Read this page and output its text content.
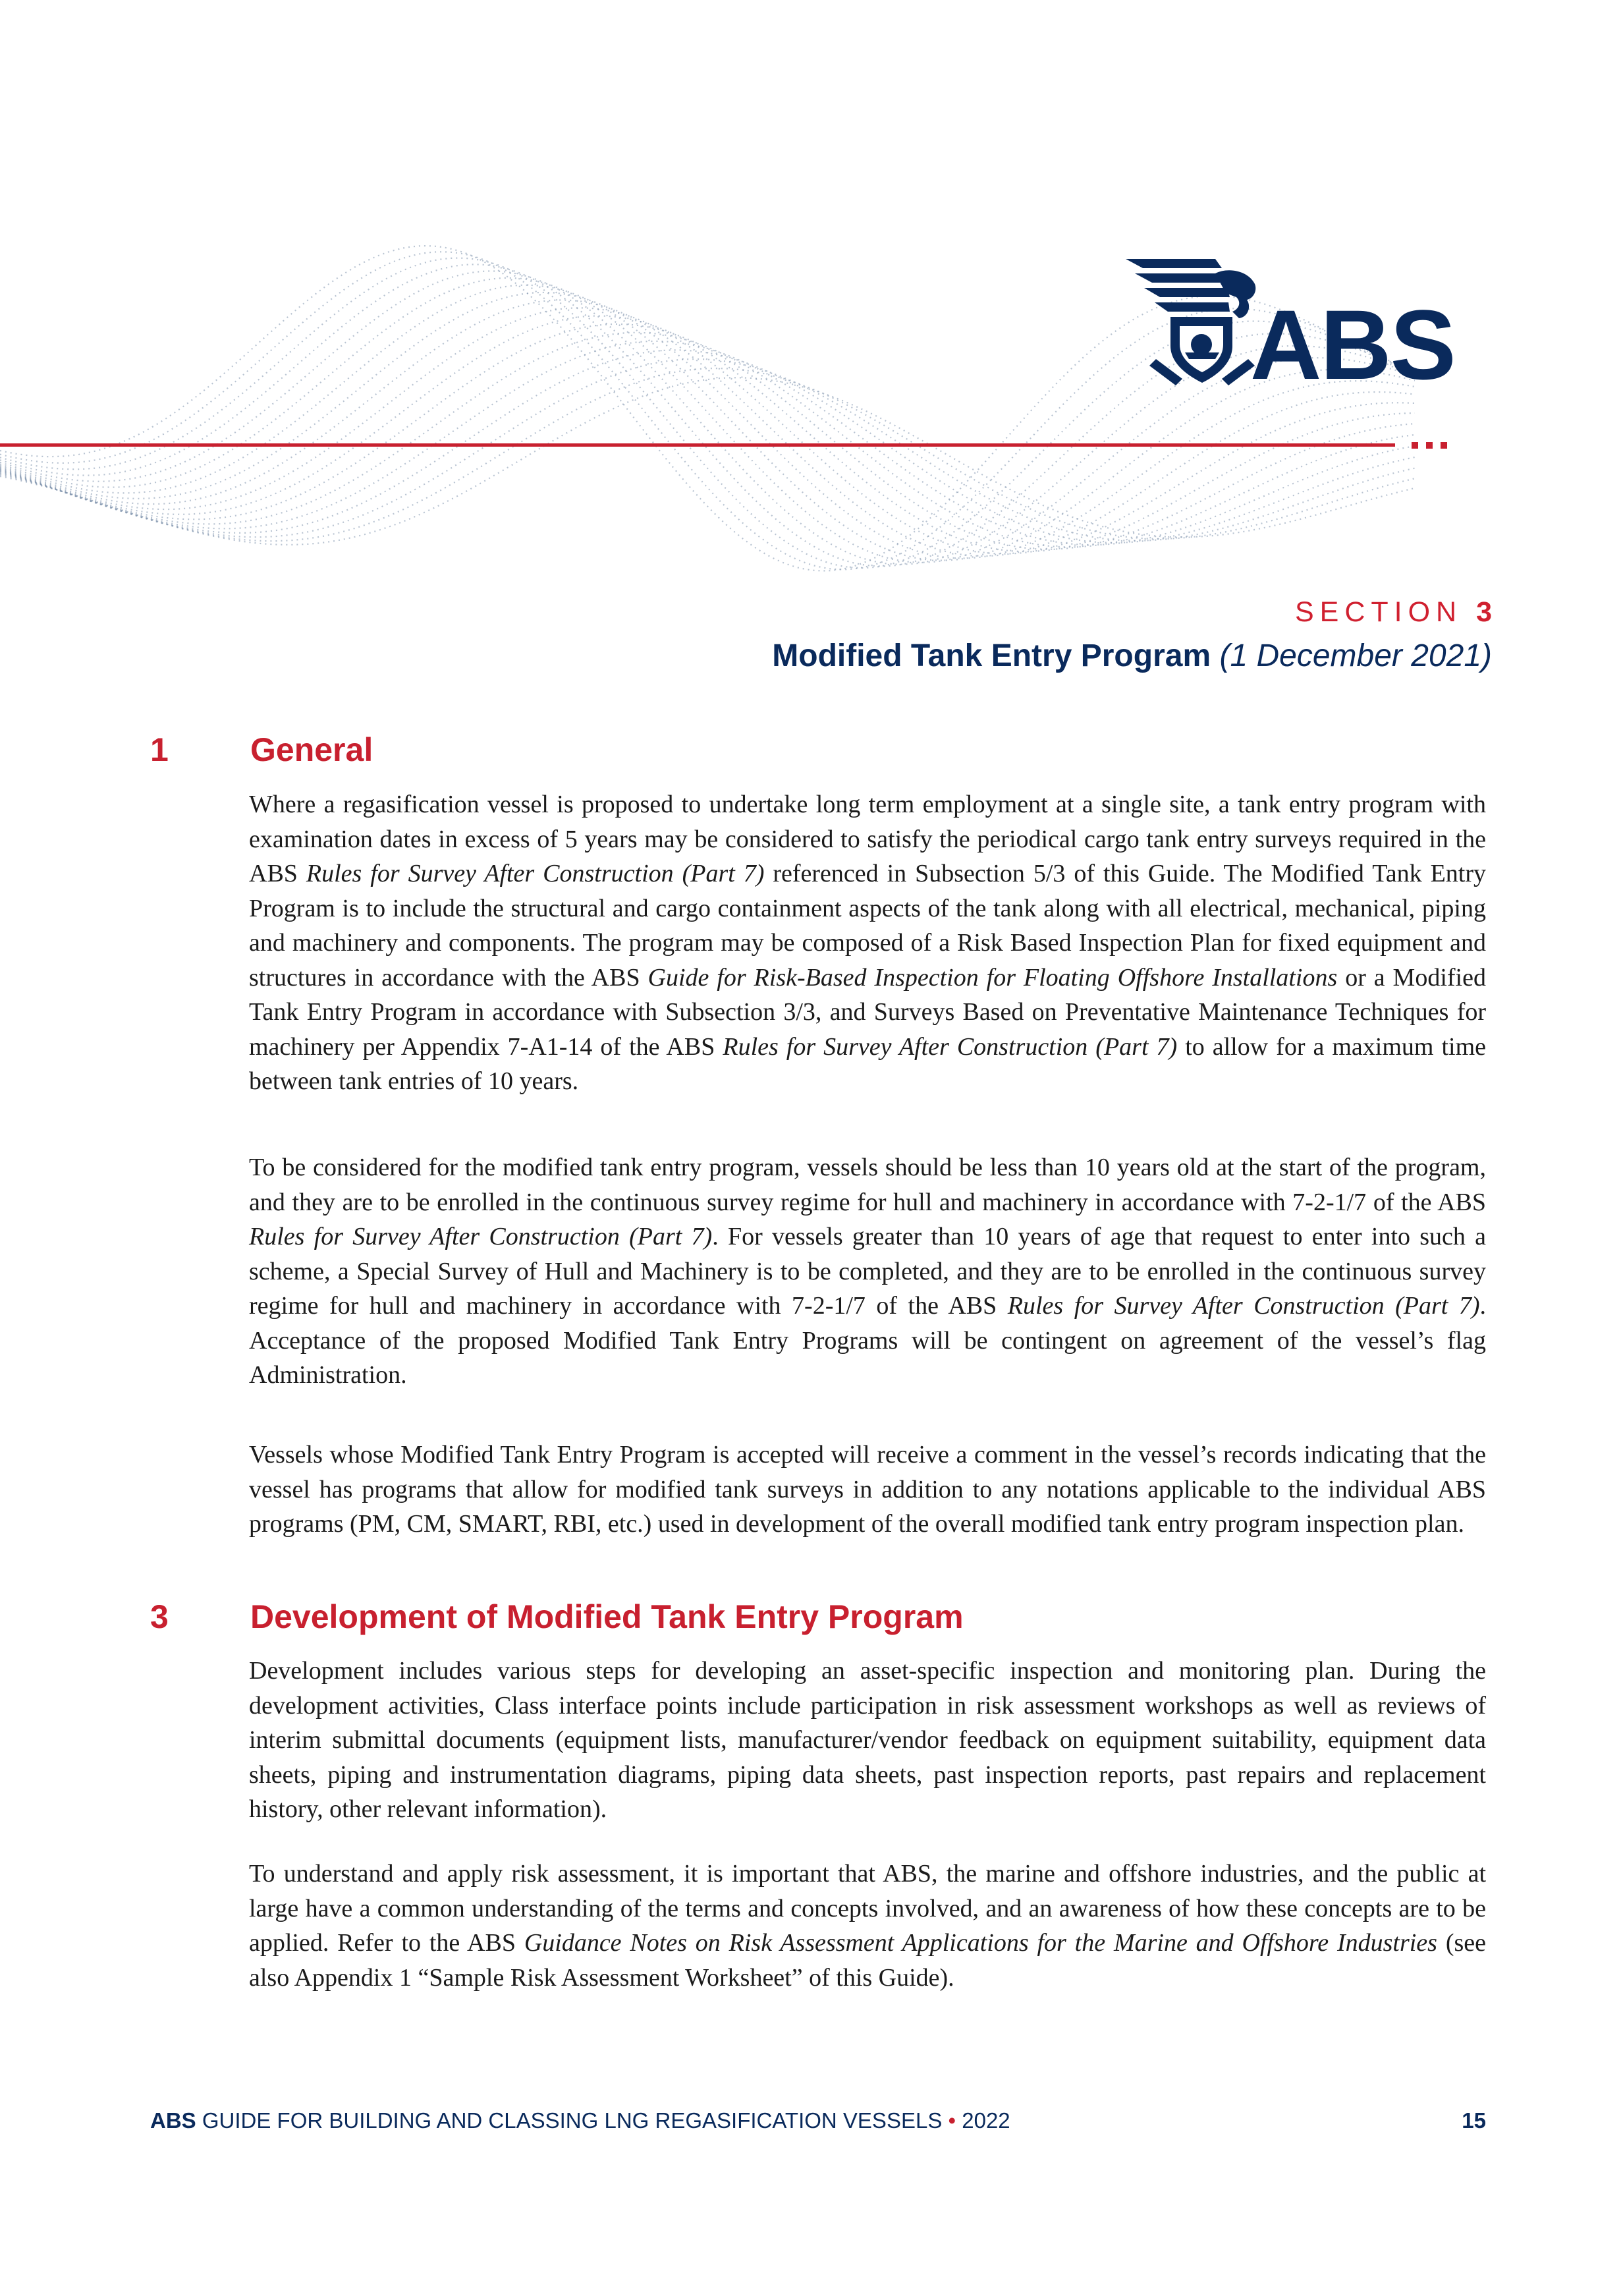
ABS
SECTION 3
Modified Tank Entry Program (1 December 2021)
1 General

Where a regasification vessel is proposed to undertake long term employment at a single site, a tank entry program with examination dates in excess of 5 years may be considered to satisfy the periodical cargo tank entry surveys required in the ABS Rules for Survey After Construction (Part 7) referenced in Subsection 5/3 of this Guide. The Modified Tank Entry Program is to include the structural and cargo containment aspects of the tank along with all electrical, mechanical, piping and machinery and components. The program may be composed of a Risk Based Inspection Plan for fixed equipment and structures in accordance with the ABS Guide for Risk-Based Inspection for Floating Offshore Installations or a Modified Tank Entry Program in accordance with Subsection 3/3, and Surveys Based on Preventative Maintenance Techniques for machinery per Appendix 7-A1-14 of the ABS Rules for Survey After Construction (Part 7) to allow for a maximum time between tank entries of 10 years.

To be considered for the modified tank entry program, vessels should be less than 10 years old at the start of the program, and they are to be enrolled in the continuous survey regime for hull and machinery in accordance with 7-2-1/7 of the ABS Rules for Survey After Construction (Part 7). For vessels greater than 10 years of age that request to enter into such a scheme, a Special Survey of Hull and Machinery is to be completed, and they are to be enrolled in the continuous survey regime for hull and machinery in accordance with 7-2-1/7 of the ABS Rules for Survey After Construction (Part 7). Acceptance of the proposed Modified Tank Entry Programs will be contingent on agreement of the vessel’s flag Administration.

Vessels whose Modified Tank Entry Program is accepted will receive a comment in the vessel’s records indicating that the vessel has programs that allow for modified tank surveys in addition to any notations applicable to the individual ABS programs (PM, CM, SMART, RBI, etc.) used in development of the overall modified tank entry program inspection plan.

3 Development of Modified Tank Entry Program

Development includes various steps for developing an asset-specific inspection and monitoring plan. During the development activities, Class interface points include participation in risk assessment workshops as well as reviews of interim submittal documents (equipment lists, manufacturer/vendor feedback on equipment suitability, equipment data sheets, piping and instrumentation diagrams, piping data sheets, past inspection reports, past repairs and replacement history, other relevant information).

To understand and apply risk assessment, it is important that ABS, the marine and offshore industries, and the public at large have a common understanding of the terms and concepts involved, and an awareness of how these concepts are to be applied. Refer to the ABS Guidance Notes on Risk Assessment Applications for the Marine and Offshore Industries (see also Appendix 1 “Sample Risk Assessment Worksheet” of this Guide).

ABS GUIDE FOR BUILDING AND CLASSING LNG REGASIFICATION VESSELS • 2022	15
